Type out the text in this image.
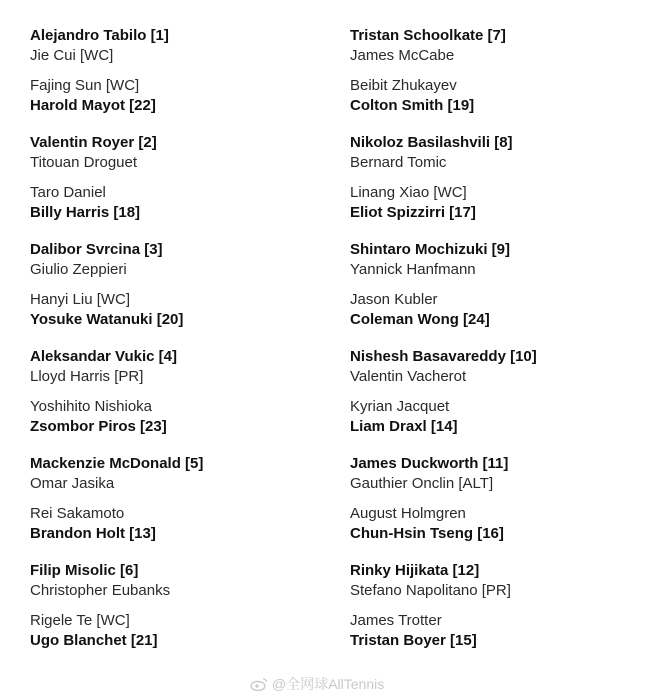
Alejandro Tabilo [1]
Jie Cui [WC]
Fajing Sun [WC]
Harold Mayot [22]
Valentin Royer [2]
Titouan Droguet
Taro Daniel
Billy Harris [18]
Dalibor Svrcina [3]
Giulio Zeppieri
Hanyi Liu [WC]
Yosuke Watanuki [20]
Aleksandar Vukic [4]
Lloyd Harris [PR]
Yoshihito Nishioka
Zsombor Piros [23]
Mackenzie McDonald [5]
Omar Jasika
Rei Sakamoto
Brandon Holt [13]
Filip Misolic [6]
Christopher Eubanks
Rigele Te [WC]
Ugo Blanchet [21]
Tristan Schoolkate [7]
James McCabe
Beibit Zhukayev
Colton Smith [19]
Nikoloz Basilashvili [8]
Bernard Tomic
Linang Xiao [WC]
Eliot Spizzirri [17]
Shintaro Mochizuki [9]
Yannick Hanfmann
Jason Kubler
Coleman Wong [24]
Nishesh Basavareddy [10]
Valentin Vacherot
Kyrian Jacquet
Liam Draxl [14]
James Duckworth [11]
Gauthier Onclin [ALT]
August Holmgren
Chun-Hsin Tseng [16]
Rinky Hijikata [12]
Stefano Napolitano [PR]
James Trotter
Tristan Boyer [15]
@全网球AllTennis
